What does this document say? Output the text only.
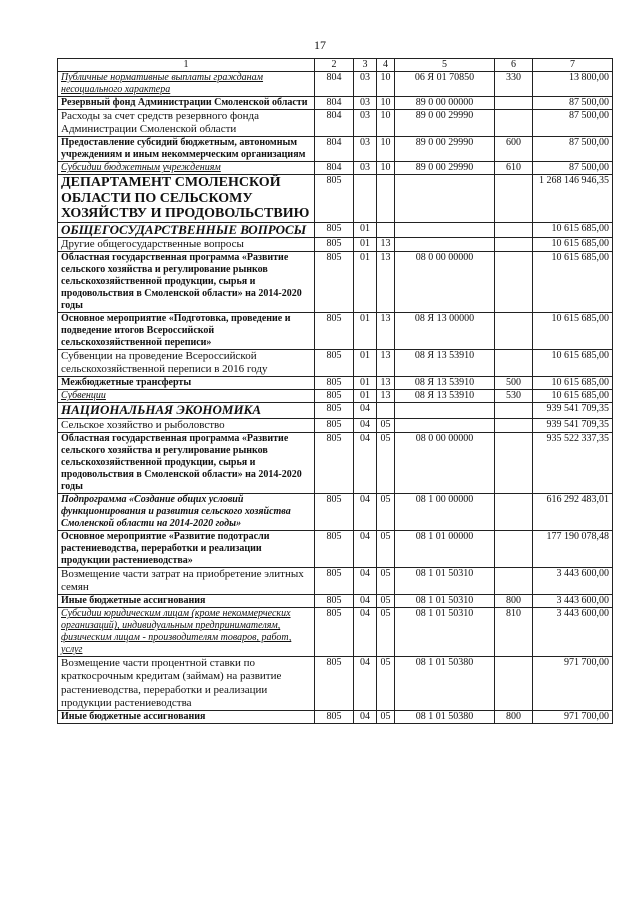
17
1	2	3	4	5	6	7
Публичные нормативные выплаты гражданам несоциального характера	804	03	10	06 Я 01 70850	330	13 800,00
Резервный фонд Администрации Смоленской области	804	03	10	89 0 00 00000		87 500,00
Расходы за счет средств резервного фонда Администрации Смоленской области	804	03	10	89 0 00 29990		87 500,00
Предоставление субсидий бюджетным, автономным учреждениям и иным некоммерческим организациям	804	03	10	89 0 00 29990	600	87 500,00
Субсидии бюджетным учреждениям	804	03	10	89 0 00 29990	610	87 500,00
ДЕПАРТАМЕНТ СМОЛЕНСКОЙ ОБЛАСТИ ПО СЕЛЬСКОМУ ХОЗЯЙСТВУ И ПРОДОВОЛЬСТВИЮ	805					1 268 146 946,35
ОБЩЕГОСУДАРСТВЕННЫЕ ВОПРОСЫ	805	01				10 615 685,00
Другие общегосударственные вопросы	805	01	13			10 615 685,00
Областная государственная программа «Развитие сельского хозяйства и регулирование рынков сельскохозяйственной продукции, сырья и продовольствия в Смоленской области» на 2014-2020 годы	805	01	13	08 0 00 00000		10 615 685,00
Основное мероприятие «Подготовка, проведение и подведение итогов Всероссийской сельскохозяйственной переписи»	805	01	13	08 Я 13 00000		10 615 685,00
Субвенции на проведение Всероссийской сельскохозяйственной переписи в 2016 году	805	01	13	08 Я 13 53910		10 615 685,00
Межбюджетные трансферты	805	01	13	08 Я 13 53910	500	10 615 685,00
Субвенции	805	01	13	08 Я 13 53910	530	10 615 685,00
НАЦИОНАЛЬНАЯ ЭКОНОМИКА	805	04				939 541 709,35
Сельское хозяйство и рыболовство	805	04	05			939 541 709,35
Областная государственная программа «Развитие сельского хозяйства и регулирование рынков сельскохозяйственной продукции, сырья и продовольствия в Смоленской области» на 2014-2020 годы	805	04	05	08 0 00 00000		935 522 337,35
Подпрограмма «Создание общих условий функционирования и развития сельского хозяйства Смоленской области на 2014-2020 годы»	805	04	05	08 1 00 00000		616 292 483,01
Основное мероприятие «Развитие подотрасли растениеводства, переработки и реализации продукции растениеводства»	805	04	05	08 1 01 00000		177 190 078,48
Возмещение части затрат на приобретение элитных семян	805	04	05	08 1 01 50310		3 443 600,00
Иные бюджетные ассигнования	805	04	05	08 1 01 50310	800	3 443 600,00
Субсидии юридическим лицам (кроме некоммерческих организаций), индивидуальным предпринимателям, физическим лицам - производителям товаров, работ, услуг	805	04	05	08 1 01 50310	810	3 443 600,00
Возмещение части процентной ставки по краткосрочным кредитам (займам) на развитие растениеводства, переработки и реализации продукции растениеводства	805	04	05	08 1 01 50380		971 700,00
Иные бюджетные ассигнования	805	04	05	08 1 01 50380	800	971 700,00
